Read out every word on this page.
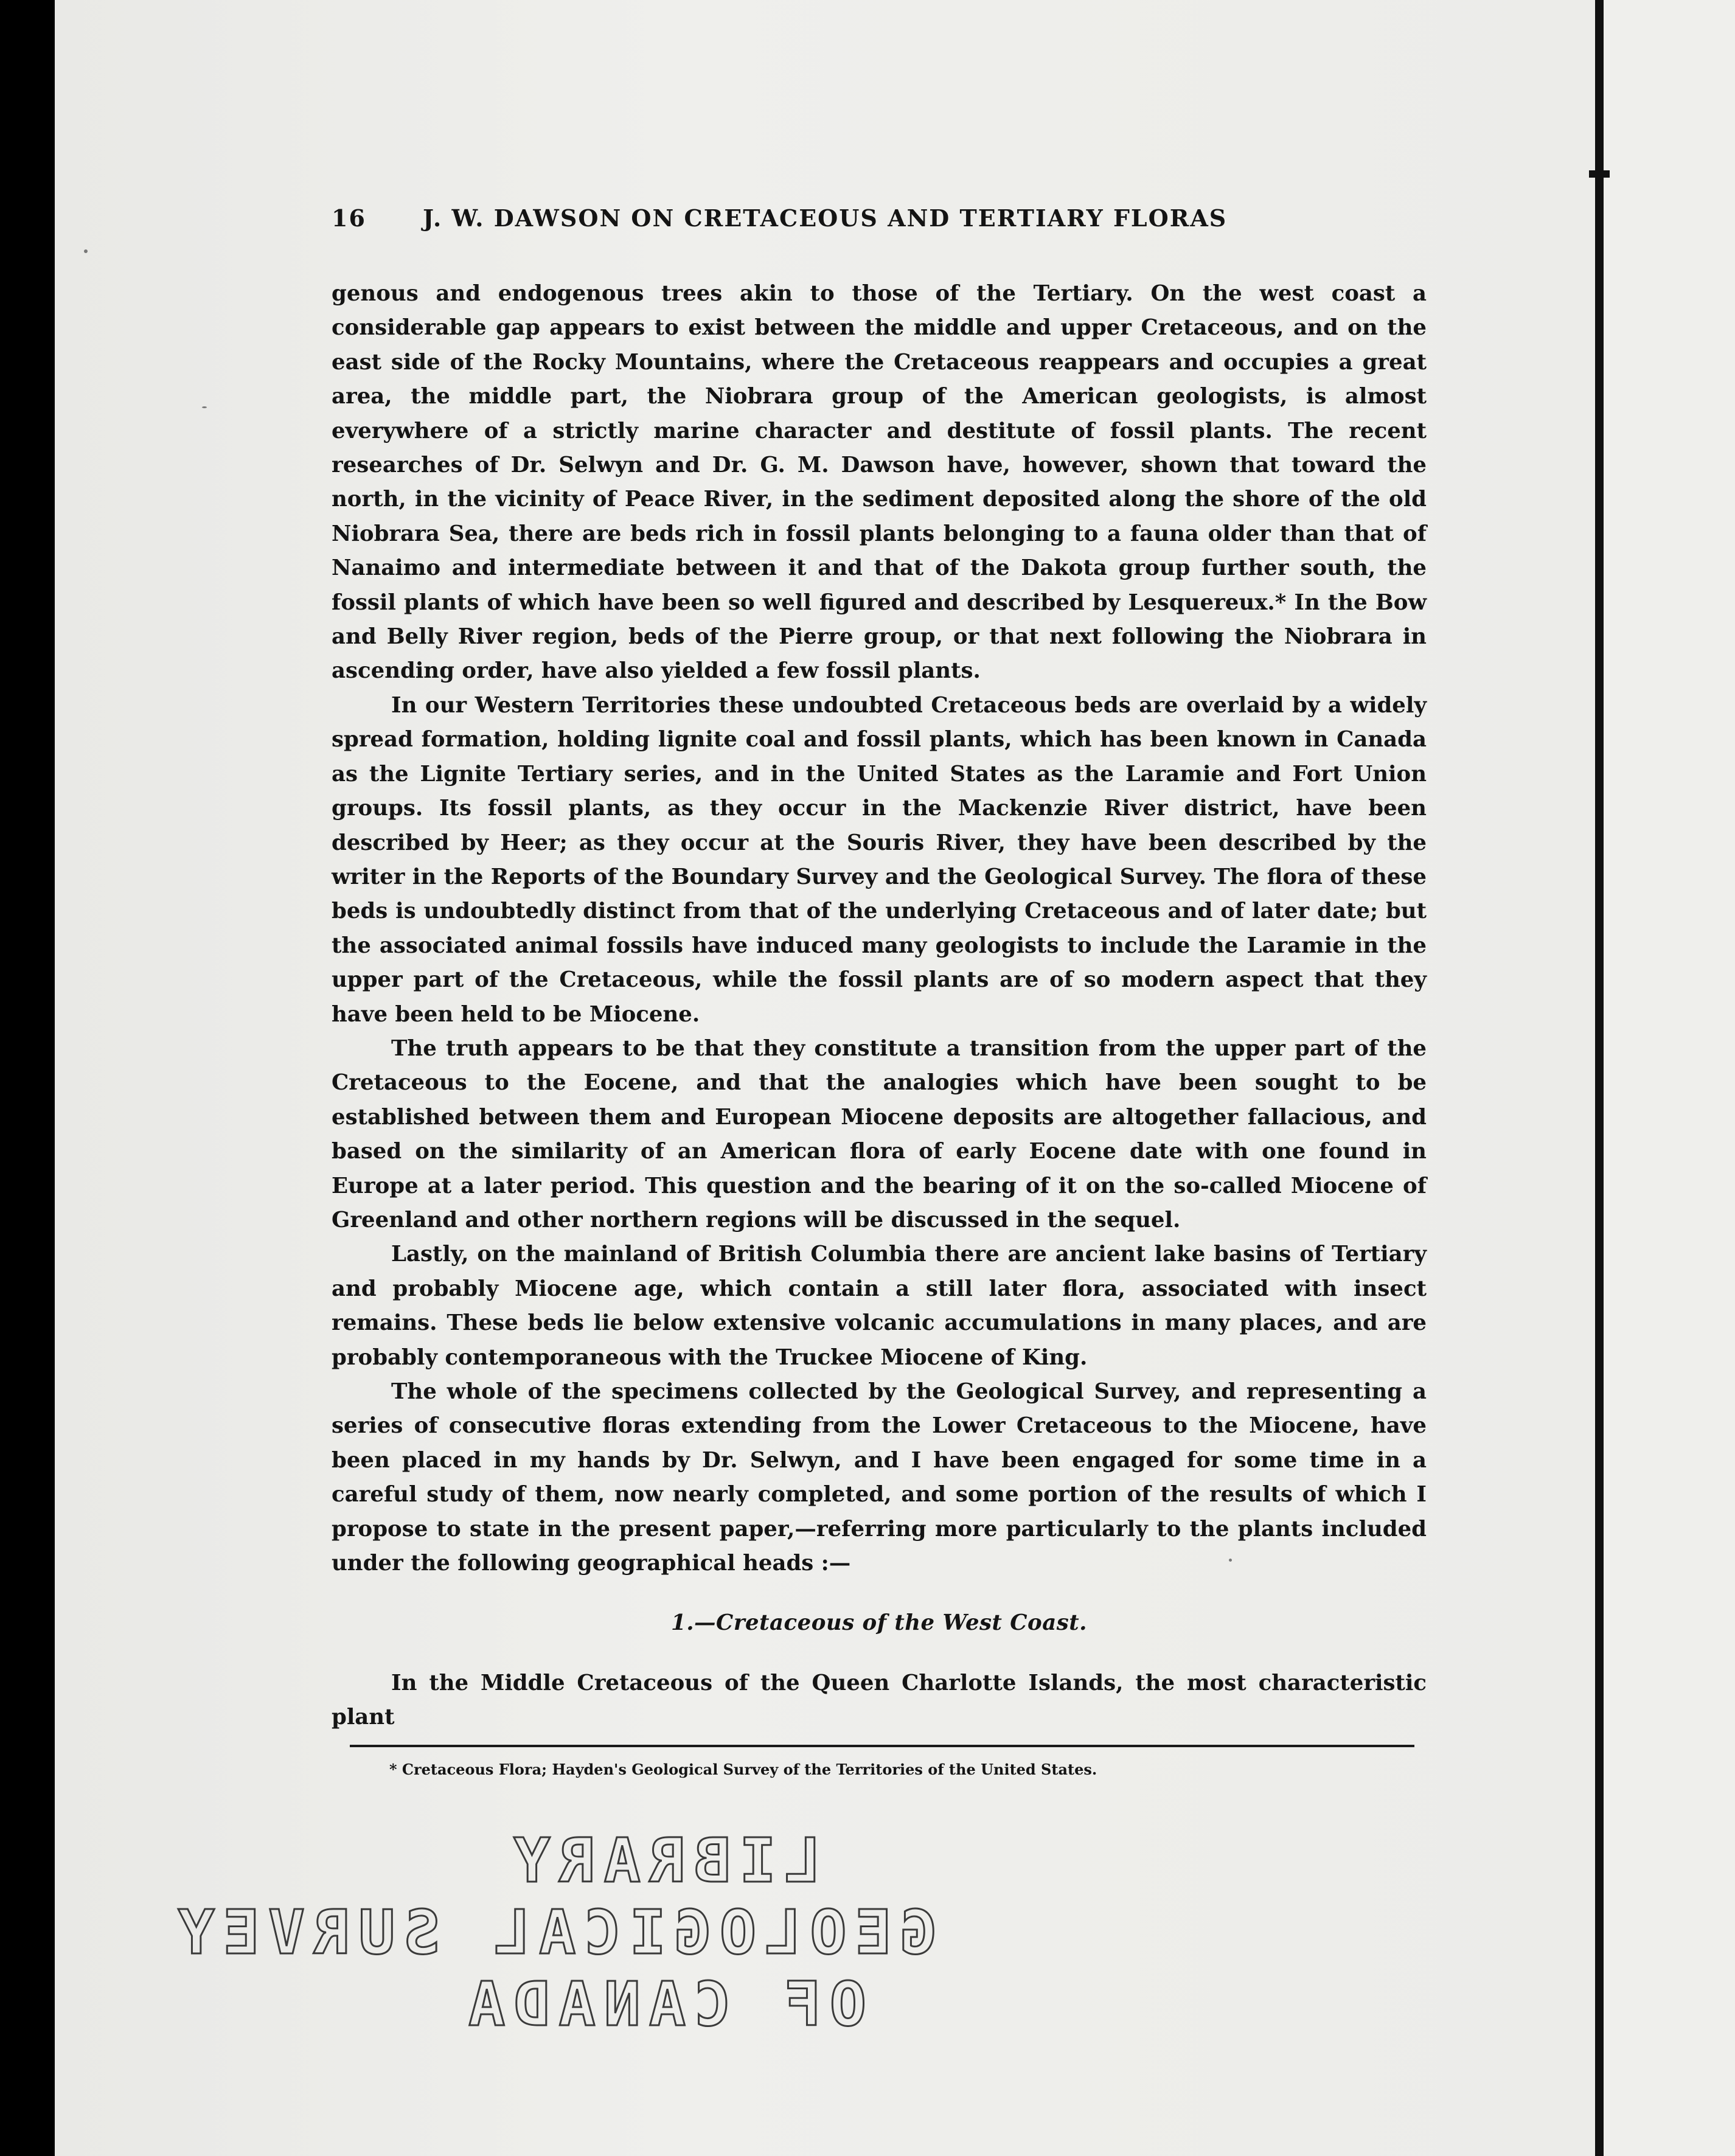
16 J. W. DAWSON ON CRETACEOUS AND TERTIARY FLORAS

genous and endogenous trees akin to those of the Tertiary. On the west coast a considerable gap appears to exist between the middle and upper Cretaceous, and on the east side of the Rocky Mountains, where the Cretaceous reappears and occupies a great area, the middle part, the Niobrara group of the American geologists, is almost everywhere of a strictly marine character and destitute of fossil plants. The recent researches of Dr. Selwyn and Dr. G. M. Dawson have, however, shown that toward the north, in the vicinity of Peace River, in the sediment deposited along the shore of the old Niobrara Sea, there are beds rich in fossil plants belonging to a fauna older than that of Nanaimo and intermediate between it and that of the Dakota group further south, the fossil plants of which have been so well figured and described by Lesquereux.* In the Bow and Belly River region, beds of the Pierre group, or that next following the Niobrara in ascending order, have also yielded a few fossil plants.

In our Western Territories these undoubted Cretaceous beds are overlaid by a widely spread formation, holding lignite coal and fossil plants, which has been known in Canada as the Lignite Tertiary series, and in the United States as the Laramie and Fort Union groups. Its fossil plants, as they occur in the Mackenzie River district, have been described by Heer; as they occur at the Souris River, they have been described by the writer in the Reports of the Boundary Survey and the Geological Survey. The flora of these beds is undoubtedly distinct from that of the underlying Cretaceous and of later date; but the associated animal fossils have induced many geologists to include the Laramie in the upper part of the Cretaceous, while the fossil plants are of so modern aspect that they have been held to be Miocene.

The truth appears to be that they constitute a transition from the upper part of the Cretaceous to the Eocene, and that the analogies which have been sought to be established between them and European Miocene deposits are altogether fallacious, and based on the similarity of an American flora of early Eocene date with one found in Europe at a later period. This question and the bearing of it on the so-called Miocene of Greenland and other northern regions will be discussed in the sequel.

Lastly, on the mainland of British Columbia there are ancient lake basins of Tertiary and probably Miocene age, which contain a still later flora, associated with insect remains. These beds lie below extensive volcanic accumulations in many places, and are probably contemporaneous with the Truckee Miocene of King.

The whole of the specimens collected by the Geological Survey, and representing a series of consecutive floras extending from the Lower Cretaceous to the Miocene, have been placed in my hands by Dr. Selwyn, and I have been engaged for some time in a careful study of them, now nearly completed, and some portion of the results of which I propose to state in the present paper,—referring more particularly to the plants included under the following geographical heads :—

1.—Cretaceous of the West Coast.

In the Middle Cretaceous of the Queen Charlotte Islands, the most characteristic plant

* Cretaceous Flora; Hayden's Geological Survey of the Territories of the United States.
LIBRARY
GEOLOGICAL SURVEY
OF CANADA
